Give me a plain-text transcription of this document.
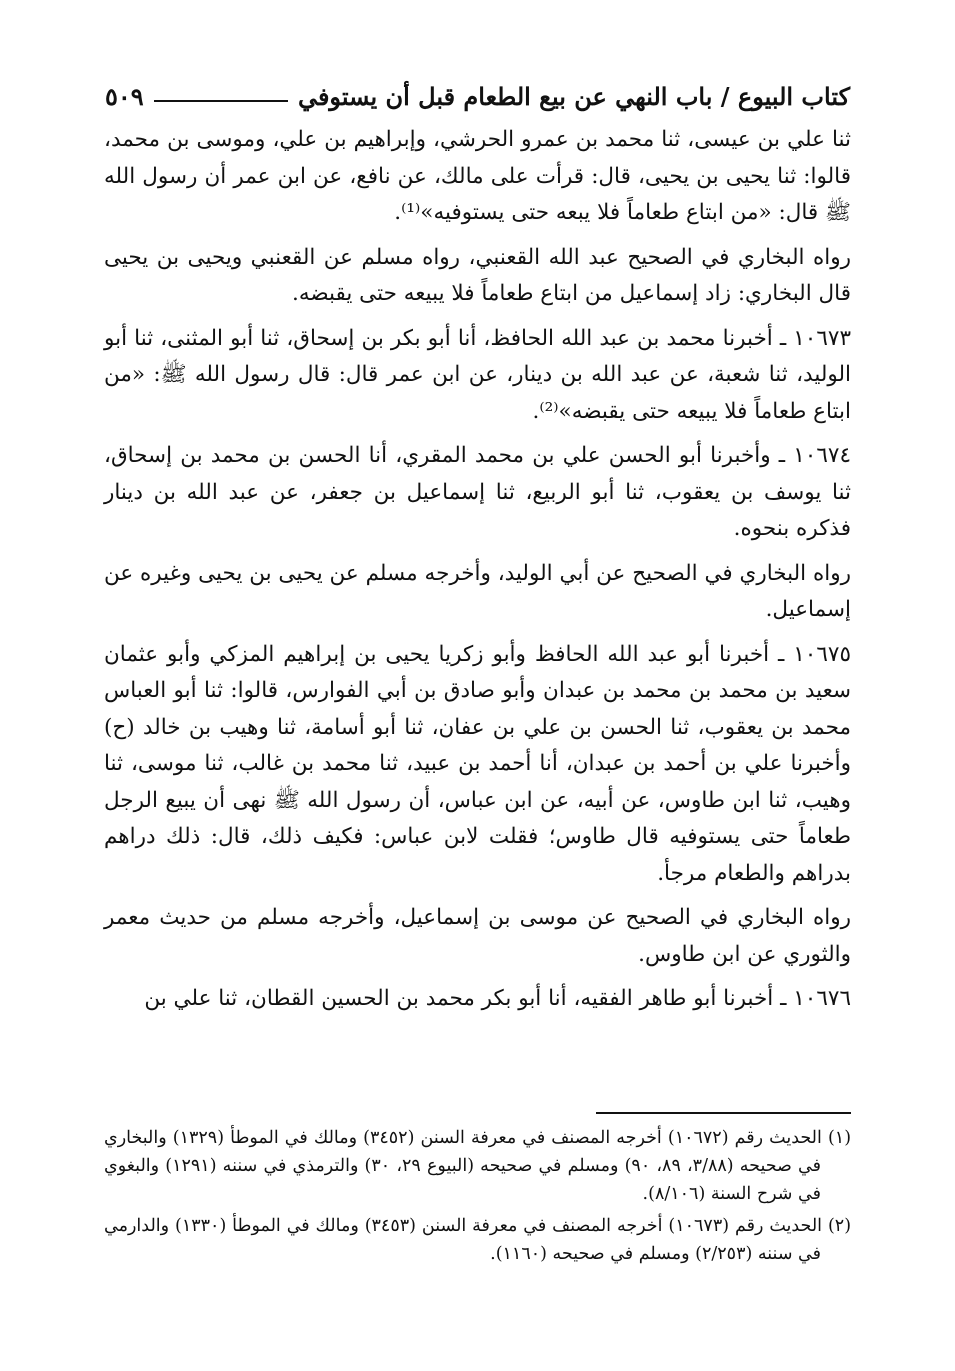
كتاب البيوع / باب النهي عن بيع الطعام قبل أن يستوفي
٥٠٩

ثنا علي بن عيسى، ثنا محمد بن عمرو الحرشي، وإبراهيم بن علي، وموسى بن محمد، قالوا: ثنا يحيى بن يحيى، قال: قرأت على مالك، عن نافع، عن ابن عمر أن رسول الله ﷺ قال: «من ابتاع طعاماً فلا يبعه حتى يستوفيه»⁽¹⁾.

رواه البخاري في الصحيح عبد الله القعنبي، رواه مسلم عن القعنبي ويحيى بن يحيى قال البخاري: زاد إسماعيل من ابتاع طعاماً فلا يبيعه حتى يقبضه.

١٠٦٧٣ ـ أخبرنا محمد بن عبد الله الحافظ، أنا أبو بكر بن إسحاق، ثنا أبو المثنى، ثنا أبو الوليد، ثنا شعبة، عن عبد الله بن دينار، عن ابن عمر قال: قال رسول الله ﷺ: «من ابتاع طعاماً فلا يبيعه حتى يقبضه»⁽²⁾.

١٠٦٧٤ ـ وأخبرنا أبو الحسن علي بن محمد المقري، أنا الحسن بن محمد بن إسحاق، ثنا يوسف بن يعقوب، ثنا أبو الربيع، ثنا إسماعيل بن جعفر، عن عبد الله بن دينار فذكره بنحوه.

رواه البخاري في الصحيح عن أبي الوليد، وأخرجه مسلم عن يحيى بن يحيى وغيره عن إسماعيل.

١٠٦٧٥ ـ أخبرنا أبو عبد الله الحافظ وأبو زكريا يحيى بن إبراهيم المزكي وأبو عثمان سعيد بن محمد بن محمد بن عبدان وأبو صادق بن أبي الفوارس، قالوا: ثنا أبو العباس محمد بن يعقوب، ثنا الحسن بن علي بن عفان، ثنا أبو أسامة، ثنا وهيب بن خالد (ح) وأخبرنا علي بن أحمد بن عبدان، أنا أحمد بن عبيد، ثنا محمد بن غالب، ثنا موسى، ثنا وهيب، ثنا ابن طاوس، عن أبيه، عن ابن عباس، أن رسول الله ﷺ نهى أن يبيع الرجل طعاماً حتى يستوفيه قال طاوس؛ فقلت لابن عباس: فكيف ذلك، قال: ذلك دراهم بدراهم والطعام مرجأ.

رواه البخاري في الصحيح عن موسى بن إسماعيل، وأخرجه مسلم من حديث معمر والثوري عن ابن طاوس.

١٠٦٧٦ ـ أخبرنا أبو طاهر الفقيه، أنا أبو بكر محمد بن الحسين القطان، ثنا علي بن

(١) الحديث رقم (١٠٦٧٢) أخرجه المصنف في معرفة السنن (٣٤٥٢) ومالك في الموطأ (١٣٢٩) والبخاري في صحيحه (٣/٨٨، ٨٩، ٩٠) ومسلم في صحيحه (البيوع ٢٩، ٣٠) والترمذي في سننه (١٢٩١) والبغوي في شرح السنة (٨/١٠٦).

(٢) الحديث رقم (١٠٦٧٣) أخرجه المصنف في معرفة السنن (٣٤٥٣) ومالك في الموطأ (١٣٣٠) والدارمي في سننه (٢/٢٥٣) ومسلم في صحيحه (١١٦٠).
